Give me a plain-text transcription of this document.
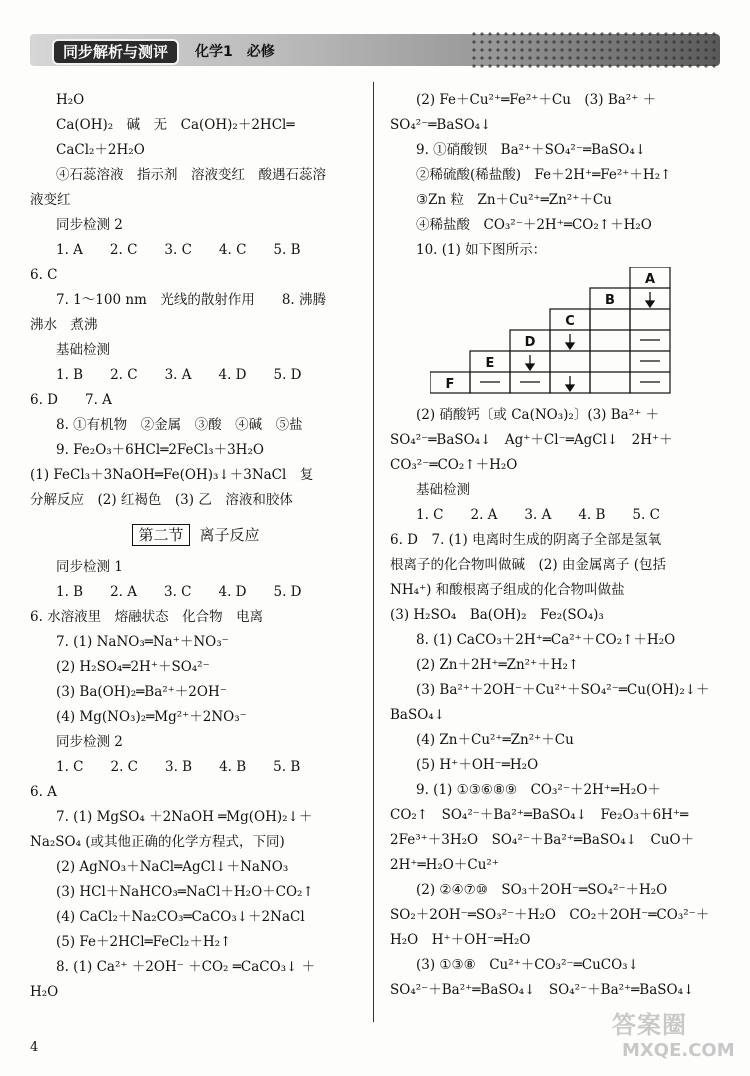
同步解析与测评	化学1　必修
H₂O
Ca(OH)₂　碱　无　Ca(OH)₂＋2HCl═
CaCl₂＋2H₂O
④石蕊溶液　指示剂　溶液变红　酸遇石蕊溶
液变红
同步检测 2
1. A　　2. C　　3. C　　4. C　　5. B
6. C
7. 1～100 nm　光线的散射作用　　8. 沸腾
沸水　煮沸
基础检测
1. B　　2. C　　3. A　　4. D　　5. D
6. D　　7. A
8. ①有机物　②金属　③酸　④碱　⑤盐
9. Fe₂O₃＋6HCl═2FeCl₃＋3H₂O
(1) FeCl₃＋3NaOH═Fe(OH)₃↓＋3NaCl　复
分解反应　(2) 红褐色　(3) 乙　溶液和胶体
第二节 离子反应
同步检测 1
1. B　　2. A　　3. C　　4. D　　5. D
6. 水溶液里　熔融状态　化合物　电离
7. (1) NaNO₃═Na⁺＋NO₃⁻
(2) H₂SO₄═2H⁺＋SO₄²⁻
(3) Ba(OH)₂═Ba²⁺＋2OH⁻
(4) Mg(NO₃)₂═Mg²⁺＋2NO₃⁻
同步检测 2
1. C　　2. C　　3. B　　4. B　　5. B
6. A
7. (1) MgSO₄ ＋2NaOH ═Mg(OH)₂↓＋
Na₂SO₄ (或其他正确的化学方程式，下同)
(2) AgNO₃＋NaCl═AgCl↓＋NaNO₃
(3) HCl＋NaHCO₃═NaCl＋H₂O＋CO₂↑
(4) CaCl₂＋Na₂CO₃═CaCO₃↓＋2NaCl
(5) Fe＋2HCl═FeCl₂＋H₂↑
8. (1) Ca²⁺ ＋2OH⁻ ＋CO₂ ═CaCO₃↓ ＋
H₂O
(2) Fe＋Cu²⁺═Fe²⁺＋Cu　(3) Ba²⁺ ＋
SO₄²⁻═BaSO₄↓
9. ①硝酸钡　Ba²⁺＋SO₄²⁻═BaSO₄↓
②稀硫酸(稀盐酸)　Fe＋2H⁺═Fe²⁺＋H₂↑
③Zn 粒　Zn＋Cu²⁺═Zn²⁺＋Cu
④稀盐酸　CO₃²⁻＋2H⁺═CO₂↑＋H₂O
10. (1) 如下图所示：
A
B
C
D
E
F
(2) 硝酸钙〔或 Ca(NO₃)₂〕(3) Ba²⁺ ＋
SO₄²⁻═BaSO₄↓　Ag⁺＋Cl⁻═AgCl↓　2H⁺＋
CO₃²⁻═CO₂↑＋H₂O
基础检测
1. C　　2. A　　3. A　　4. B　　5. C
6. D　7. (1) 电离时生成的阴离子全部是氢氧
根离子的化合物叫做碱　(2) 由金属离子 (包括
NH₄⁺) 和酸根离子组成的化合物叫做盐
(3) H₂SO₄　Ba(OH)₂　Fe₂(SO₄)₃
8. (1) CaCO₃＋2H⁺═Ca²⁺＋CO₂↑＋H₂O
(2) Zn＋2H⁺═Zn²⁺＋H₂↑
(3) Ba²⁺＋2OH⁻＋Cu²⁺＋SO₄²⁻═Cu(OH)₂↓＋
BaSO₄↓
(4) Zn＋Cu²⁺═Zn²⁺＋Cu
(5) H⁺＋OH⁻═H₂O
9. (1) ①③⑥⑧⑨　CO₃²⁻＋2H⁺═H₂O＋
CO₂↑　SO₄²⁻＋Ba²⁺═BaSO₄↓　Fe₂O₃＋6H⁺═
2Fe³⁺＋3H₂O　SO₄²⁻＋Ba²⁺═BaSO₄↓　CuO＋
2H⁺═H₂O＋Cu²⁺
(2) ②④⑦⑩　SO₃＋2OH⁻═SO₄²⁻＋H₂O
SO₂＋2OH⁻═SO₃²⁻＋H₂O　CO₂＋2OH⁻═CO₃²⁻＋
H₂O　H⁺＋OH⁻═H₂O
(3) ①③⑧　Cu²⁺＋CO₃²⁻═CuCO₃↓
SO₄²⁻＋Ba²⁺═BaSO₄↓　SO₄²⁻＋Ba²⁺═BaSO₄↓
4
答案圈
MXQE.COM
